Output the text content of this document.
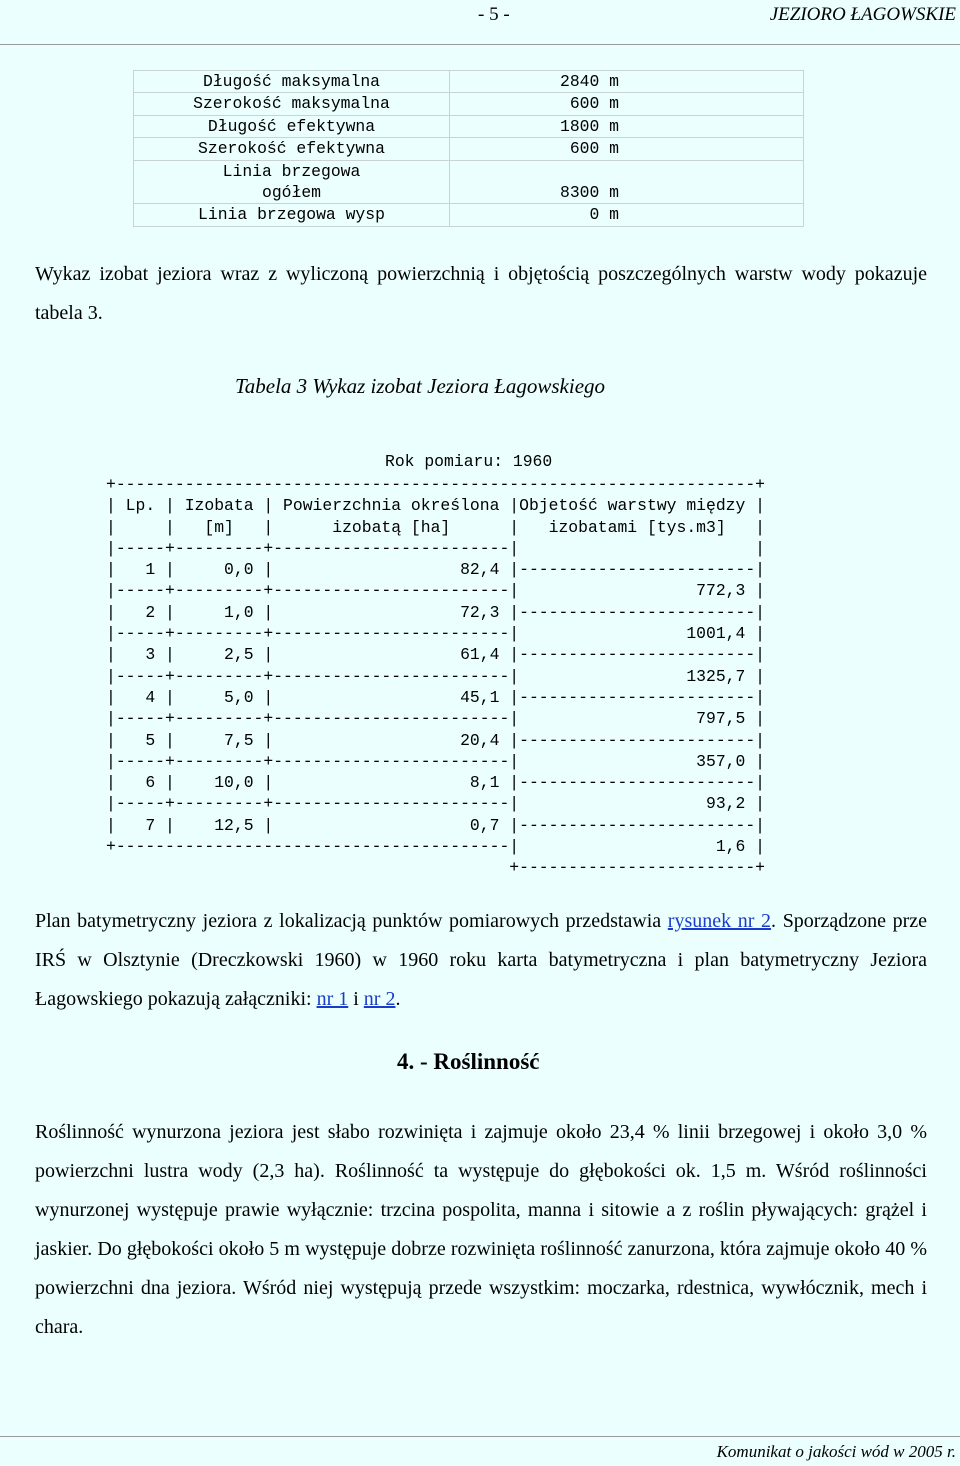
- 5 -	JEZIORO ŁAGOWSKIE
Długość maksymalna	2840 m
Szerokość maksymalna	600 m
Długość efektywna	1800 m
Szerokość efektywna	600 m
Linia brzegowa
ogółem	8300 m
Linia brzegowa wysp	0 m

Wykaz izobat jeziora wraz z wyliczoną powierzchnią i objętością poszczególnych warstw wody pokazuje tabela 3.

Tabela 3 Wykaz izobat Jeziora Łagowskiego

Rok pomiaru: 1960
+-----------------------------------------------------------------+
| Lp. | Izobata | Powierzchnia określona |Objetość warstwy między |
|     |   [m]   |      izobatą [ha]      |   izobatami [tys.m3]   |
|-----+---------+------------------------|                        |
|   1 |     0,0 |                   82,4 |------------------------|
|-----+---------+------------------------|                  772,3 |
|   2 |     1,0 |                   72,3 |------------------------|
|-----+---------+------------------------|                 1001,4 |
|   3 |     2,5 |                   61,4 |------------------------|
|-----+---------+------------------------|                 1325,7 |
|   4 |     5,0 |                   45,1 |------------------------|
|-----+---------+------------------------|                  797,5 |
|   5 |     7,5 |                   20,4 |------------------------|
|-----+---------+------------------------|                  357,0 |
|   6 |    10,0 |                    8,1 |------------------------|
|-----+---------+------------------------|                   93,2 |
|   7 |    12,5 |                    0,7 |------------------------|
+----------------------------------------|                    1,6 |
+------------------------+

Plan batymetryczny jeziora z lokalizacją punktów pomiarowych przedstawia rysunek nr 2. Sporządzone prze IRŚ w Olsztynie (Dreczkowski 1960) w 1960 roku karta batymetryczna i plan batymetryczny Jeziora Łagowskiego pokazują załączniki: nr 1 i nr 2.

4. - Roślinność

Roślinność wynurzona jeziora jest słabo rozwinięta i zajmuje około 23,4 % linii brzegowej i około 3,0 % powierzchni lustra wody (2,3 ha). Roślinność ta występuje do głębokości ok. 1,5 m. Wśród roślinności wynurzonej występuje prawie wyłącznie: trzcina pospolita, manna i sitowie a z roślin pływających: grążel i jaskier. Do głębokości około 5 m występuje dobrze rozwinięta roślinność zanurzona, która zajmuje około 40 % powierzchni dna jeziora. Wśród niej występują przede wszystkim: moczarka, rdestnica, wywłócznik, mech i chara.

Komunikat o jakości wód w 2005 r.
